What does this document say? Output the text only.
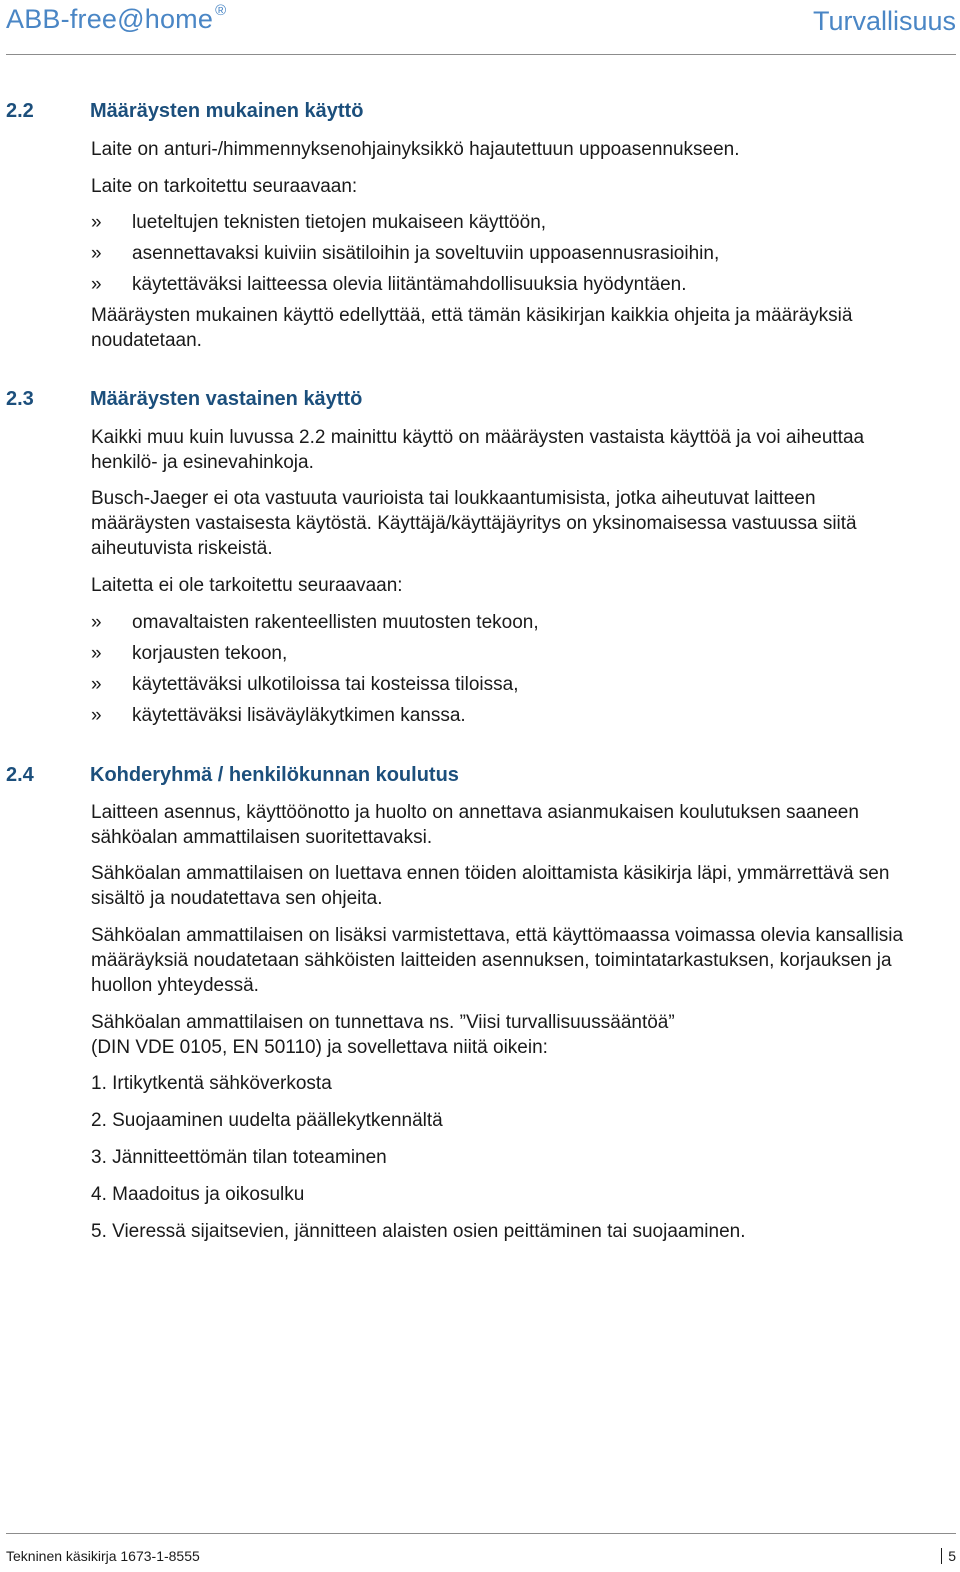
ABB-free@home ®	Turvallisuus
2.2	Määräysten mukainen käyttö
Laite on anturi-/himmennyksenohjainyksikkö hajautettuun uppoasennukseen.
Laite on tarkoitettu seuraavaan:
»	lueteltujen teknisten tietojen mukaiseen käyttöön,
»	asennettavaksi kuiviin sisätiloihin ja soveltuviin uppoasennusrasioihin,
»	käytettäväksi laitteessa olevia liitäntämahdollisuuksia hyödyntäen.
Määräysten mukainen käyttö edellyttää, että tämän käsikirjan kaikkia ohjeita ja määräyksiä noudatetaan.
2.3	Määräysten vastainen käyttö
Kaikki muu kuin luvussa 2.2 mainittu käyttö on määräysten vastaista käyttöä ja voi aiheuttaa henkilö- ja esinevahinkoja.
Busch-Jaeger ei ota vastuuta vaurioista tai loukkaantumisista, jotka aiheutuvat laitteen määräysten vastaisesta käytöstä. Käyttäjä/käyttäjäyritys on yksinomaisessa vastuussa siitä aiheutuvista riskeistä.
Laitetta ei ole tarkoitettu seuraavaan:
»	omavaltaisten rakenteellisten muutosten tekoon,
»	korjausten tekoon,
»	käytettäväksi ulkotiloissa tai kosteissa tiloissa,
»	käytettäväksi lisäväyläkytkimen kanssa.
2.4	Kohderyhmä / henkilökunnan koulutus
Laitteen asennus, käyttöönotto ja huolto on annettava asianmukaisen koulutuksen saaneen sähköalan ammattilaisen suoritettavaksi.
Sähköalan ammattilaisen on luettava ennen töiden aloittamista käsikirja läpi, ymmärrettävä sen sisältö ja noudatettava sen ohjeita.
Sähköalan ammattilaisen on lisäksi varmistettava, että käyttömaassa voimassa olevia kansallisia määräyksiä noudatetaan sähköisten laitteiden asennuksen, toimintatarkastuksen, korjauksen ja huollon yhteydessä.
Sähköalan ammattilaisen on tunnettava ns. ”Viisi turvallisuussääntöä”
(DIN VDE 0105, EN 50110) ja sovellettava niitä oikein:
1. Irtikytkentä sähköverkosta
2. Suojaaminen uudelta päällekytkennältä
3. Jännitteettömän tilan toteaminen
4. Maadoitus ja oikosulku
5. Vieressä sijaitsevien, jännitteen alaisten osien peittäminen tai suojaaminen.
Tekninen käsikirja 1673-1-8555	5
